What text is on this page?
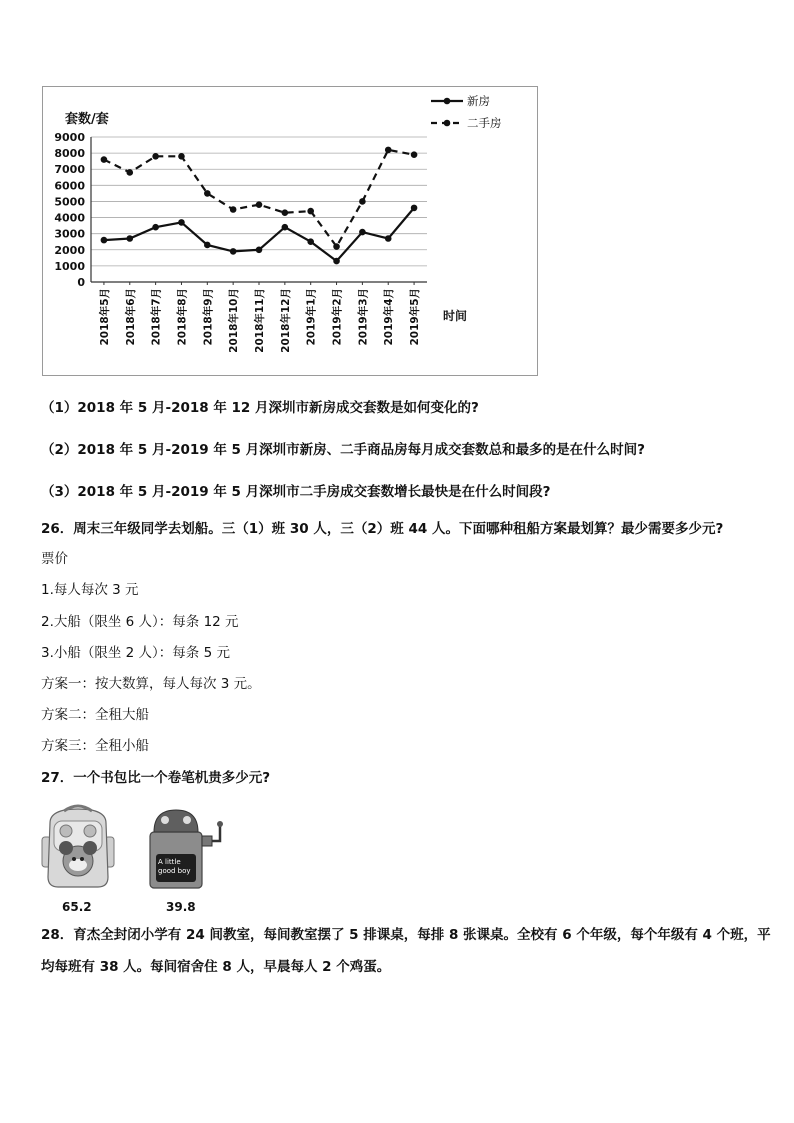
9000
8000
7000
6000
5000
4000
3000
2000
1000
0
2018年5月 2018年6月 2018年7月 2018年8月 2018年9月 2018年10月 2018年11月 2018年12月 2019年1月 2019年2月 2019年3月 2019年4月 2019年5月
新房
二手房
套数/套
时间
（1）2018 年 5 月-2018 年 12 月深圳市新房成交套数是如何变化的?
（2）2018 年 5 月-2019 年 5 月深圳市新房、二手商品房每月成交套数总和最多的是在什么时间?
（3）2018 年 5 月-2019 年 5 月深圳市二手房成交套数增长最快是在什么时间段?
26．周末三年级同学去划船。三（1）班 30 人，三（2）班 44 人。下面哪种租船方案最划算？最少需要多少元?
票价
1.每人每次 3 元
2.大船（限坐 6 人）：每条 12 元
3.小船（限坐 2 人）：每条 5 元
方案一：按大数算，每人每次 3 元。
方案二：全租大船
方案三：全租小船
27．一个书包比一个卷笔机贵多少元?
65.2
A little
good boy
39.8
28．育杰全封闭小学有 24 间教室，每间教室摆了 5 排课桌，每排 8 张课桌。全校有 6 个年级，每个年级有 4 个班，平
均每班有 38 人。每间宿舍住 8 人，早晨每人 2 个鸡蛋。
